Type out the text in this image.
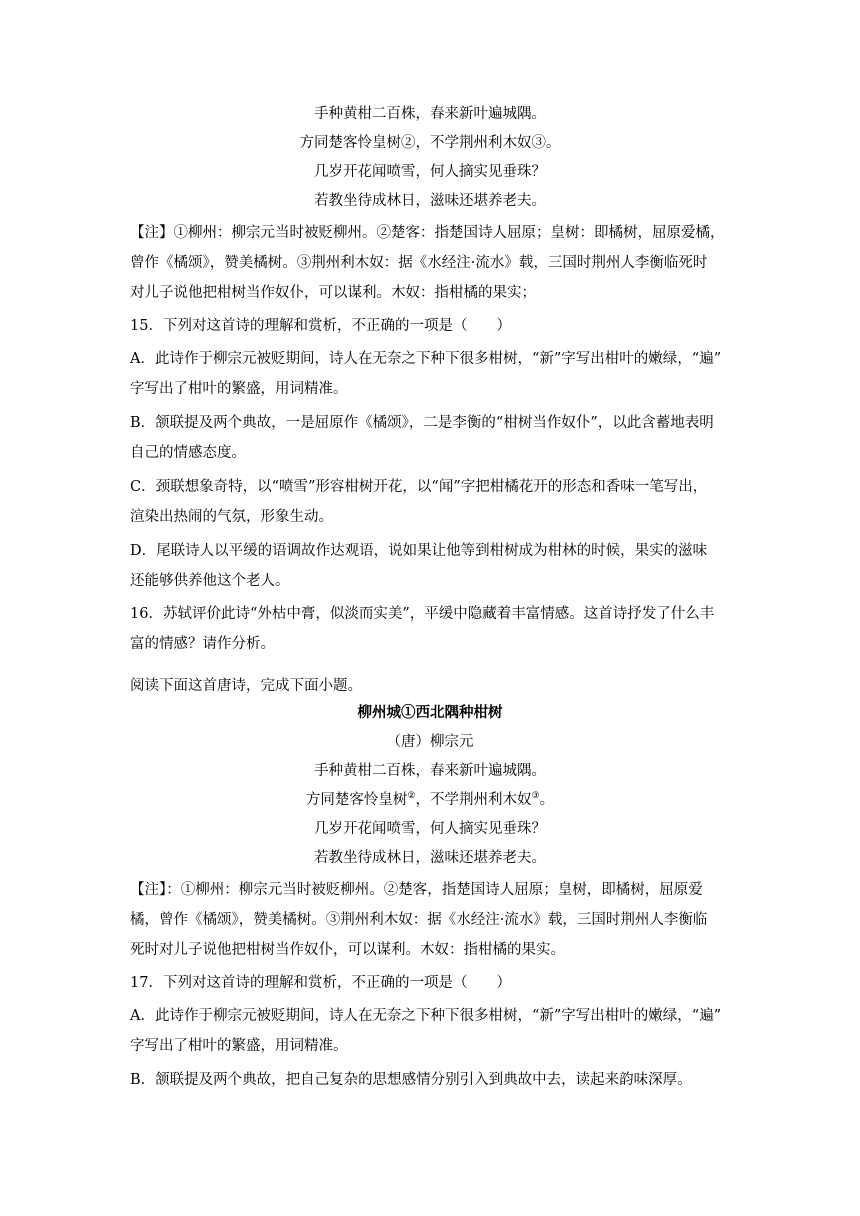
手种黄柑二百株，春来新叶遍城隅。
方同楚客怜皇树②，不学荆州利木奴③。
几岁开花闻喷雪，何人摘实见垂珠？
若教坐待成林日，滋味还堪养老夫。
【注】①柳州：柳宗元当时被贬柳州。②楚客：指楚国诗人屈原；皇树：即橘树，屈原爱橘，
曾作《橘颂》，赞美橘树。③荆州利木奴：据《水经注·流水》载，三国时荆州人李衡临死时
对儿子说他把柑树当作奴仆，可以谋利。木奴：指柑橘的果实；
15．下列对这首诗的理解和赏析，不正确的一项是（　　）
A．此诗作于柳宗元被贬期间，诗人在无奈之下种下很多柑树，“新”字写出柑叶的嫩绿，“遍”
字写出了柑叶的繁盛，用词精准。
B．颔联提及两个典故，一是屈原作《橘颂》，二是李衡的“柑树当作奴仆”，以此含蓄地表明
自己的情感态度。
C．颈联想象奇特，以“喷雪”形容柑树开花，以“闻”字把柑橘花开的形态和香味一笔写出，
渲染出热闹的气氛，形象生动。
D．尾联诗人以平缓的语调故作达观语，说如果让他等到柑树成为柑林的时候，果实的滋味
还能够供养他这个老人。
16．苏轼评价此诗“外枯中膏，似淡而实美”，平缓中隐藏着丰富情感。这首诗抒发了什么丰
富的情感？请作分析。
阅读下面这首唐诗，完成下面小题。
柳州城①西北隅种柑树
（唐）柳宗元
手种黄柑二百株，春来新叶遍城隅。
方同楚客怜皇树②，不学荆州利木奴③。
几岁开花闻喷雪，何人摘实见垂珠？
若教坐待成林日，滋味还堪养老夫。
【注】：①柳州：柳宗元当时被贬柳州。②楚客，指楚国诗人屈原；皇树，即橘树，屈原爱
橘，曾作《橘颂》，赞美橘树。③荆州利木奴：据《水经注·流水》载，三国时荆州人李衡临
死时对儿子说他把柑树当作奴仆，可以谋利。木奴：指柑橘的果实。
17．下列对这首诗的理解和赏析，不正确的一项是（　　）
A．此诗作于柳宗元被贬期间，诗人在无奈之下种下很多柑树，“新”字写出柑叶的嫩绿，“遍”
字写出了柑叶的繁盛，用词精准。
B．颔联提及两个典故，把自己复杂的思想感情分别引入到典故中去，读起来韵味深厚。
